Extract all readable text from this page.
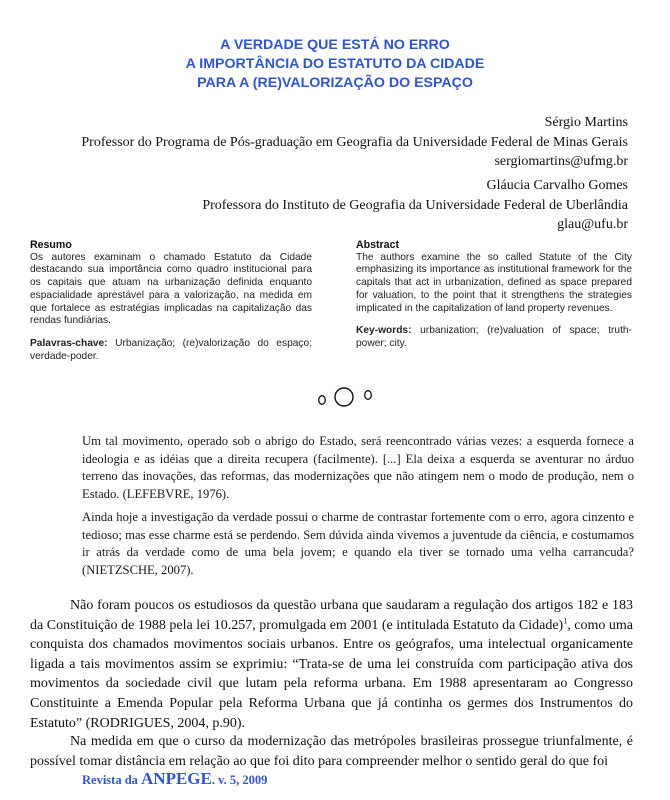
A VERDADE QUE ESTÁ NO ERRO
A IMPORTÂNCIA DO ESTATUTO DA CIDADE
PARA A (RE)VALORIZAÇÃO DO ESPAÇO
Sérgio Martins
Professor do Programa de Pós-graduação em Geografia da Universidade Federal de Minas Gerais
sergiomartins@ufmg.br
Gláucia Carvalho Gomes
Professora do Instituto de Geografia da Universidade Federal de Uberlândia
glau@ufu.br
Resumo
Os autores examinam o chamado Estatuto da Cidade destacando sua importância como quadro institucional para os capitais que atuam na urbanização definida enquanto espacialidade aprestável para a valorização, na medida em que fortalece as estratégias implicadas na capitalização das rendas fundiárias.
Palavras-chave: Urbanização; (re)valorização do espaço; verdade-poder.
Abstract
The authors examine the so called Statute of the City emphasizing its importance as institutional framework for the capitals that act in urbanization, defined as space prepared for valuation, to the point that it strengthens the strategies implicated in the capitalization of land property revenues.
Key-words: urbanization; (re)valuation of space; truth-power; city.
Um tal movimento, operado sob o abrigo do Estado, será reencontrado várias vezes: a esquerda fornece a ideologia e as idéias que a direita recupera (facilmente). [...] Ela deixa a esquerda se aventurar no árduo terreno das inovações, das reformas, das modernizações que não atingem nem o modo de produção, nem o Estado. (LEFEBVRE, 1976).
Ainda hoje a investigação da verdade possui o charme de contrastar fortemente com o erro, agora cinzento e tedioso; mas esse charme está se perdendo. Sem dúvida ainda vivemos a juventude da ciência, e costumamos ir atrás da verdade como de uma bela jovem; e quando ela tiver se tornado uma velha carrancuda? (NIETZSCHE, 2007).
Não foram poucos os estudiosos da questão urbana que saudaram a regulação dos artigos 182 e 183 da Constituição de 1988 pela lei 10.257, promulgada em 2001 (e intitulada Estatuto da Cidade)$^1$, como uma conquista dos chamados movimentos sociais urbanos. Entre os geógrafos, uma intelectual organicamente ligada a tais movimentos assim se exprimiu: “Trata-se de uma lei construída com participação ativa dos movimentos da sociedade civil que lutam pela reforma urbana. Em 1988 apresentaram ao Congresso Constituinte a Emenda Popular pela Reforma Urbana que já continha os germes dos Instrumentos do Estatuto” (RODRIGUES, 2004, p.90).
Na medida em que o curso da modernização das metrópoles brasileiras prossegue triunfalmente, é possível tomar distância em relação ao que foi dito para compreender melhor o sentido geral do que foi
Revista da ANPEGE. v. 5, 2009
